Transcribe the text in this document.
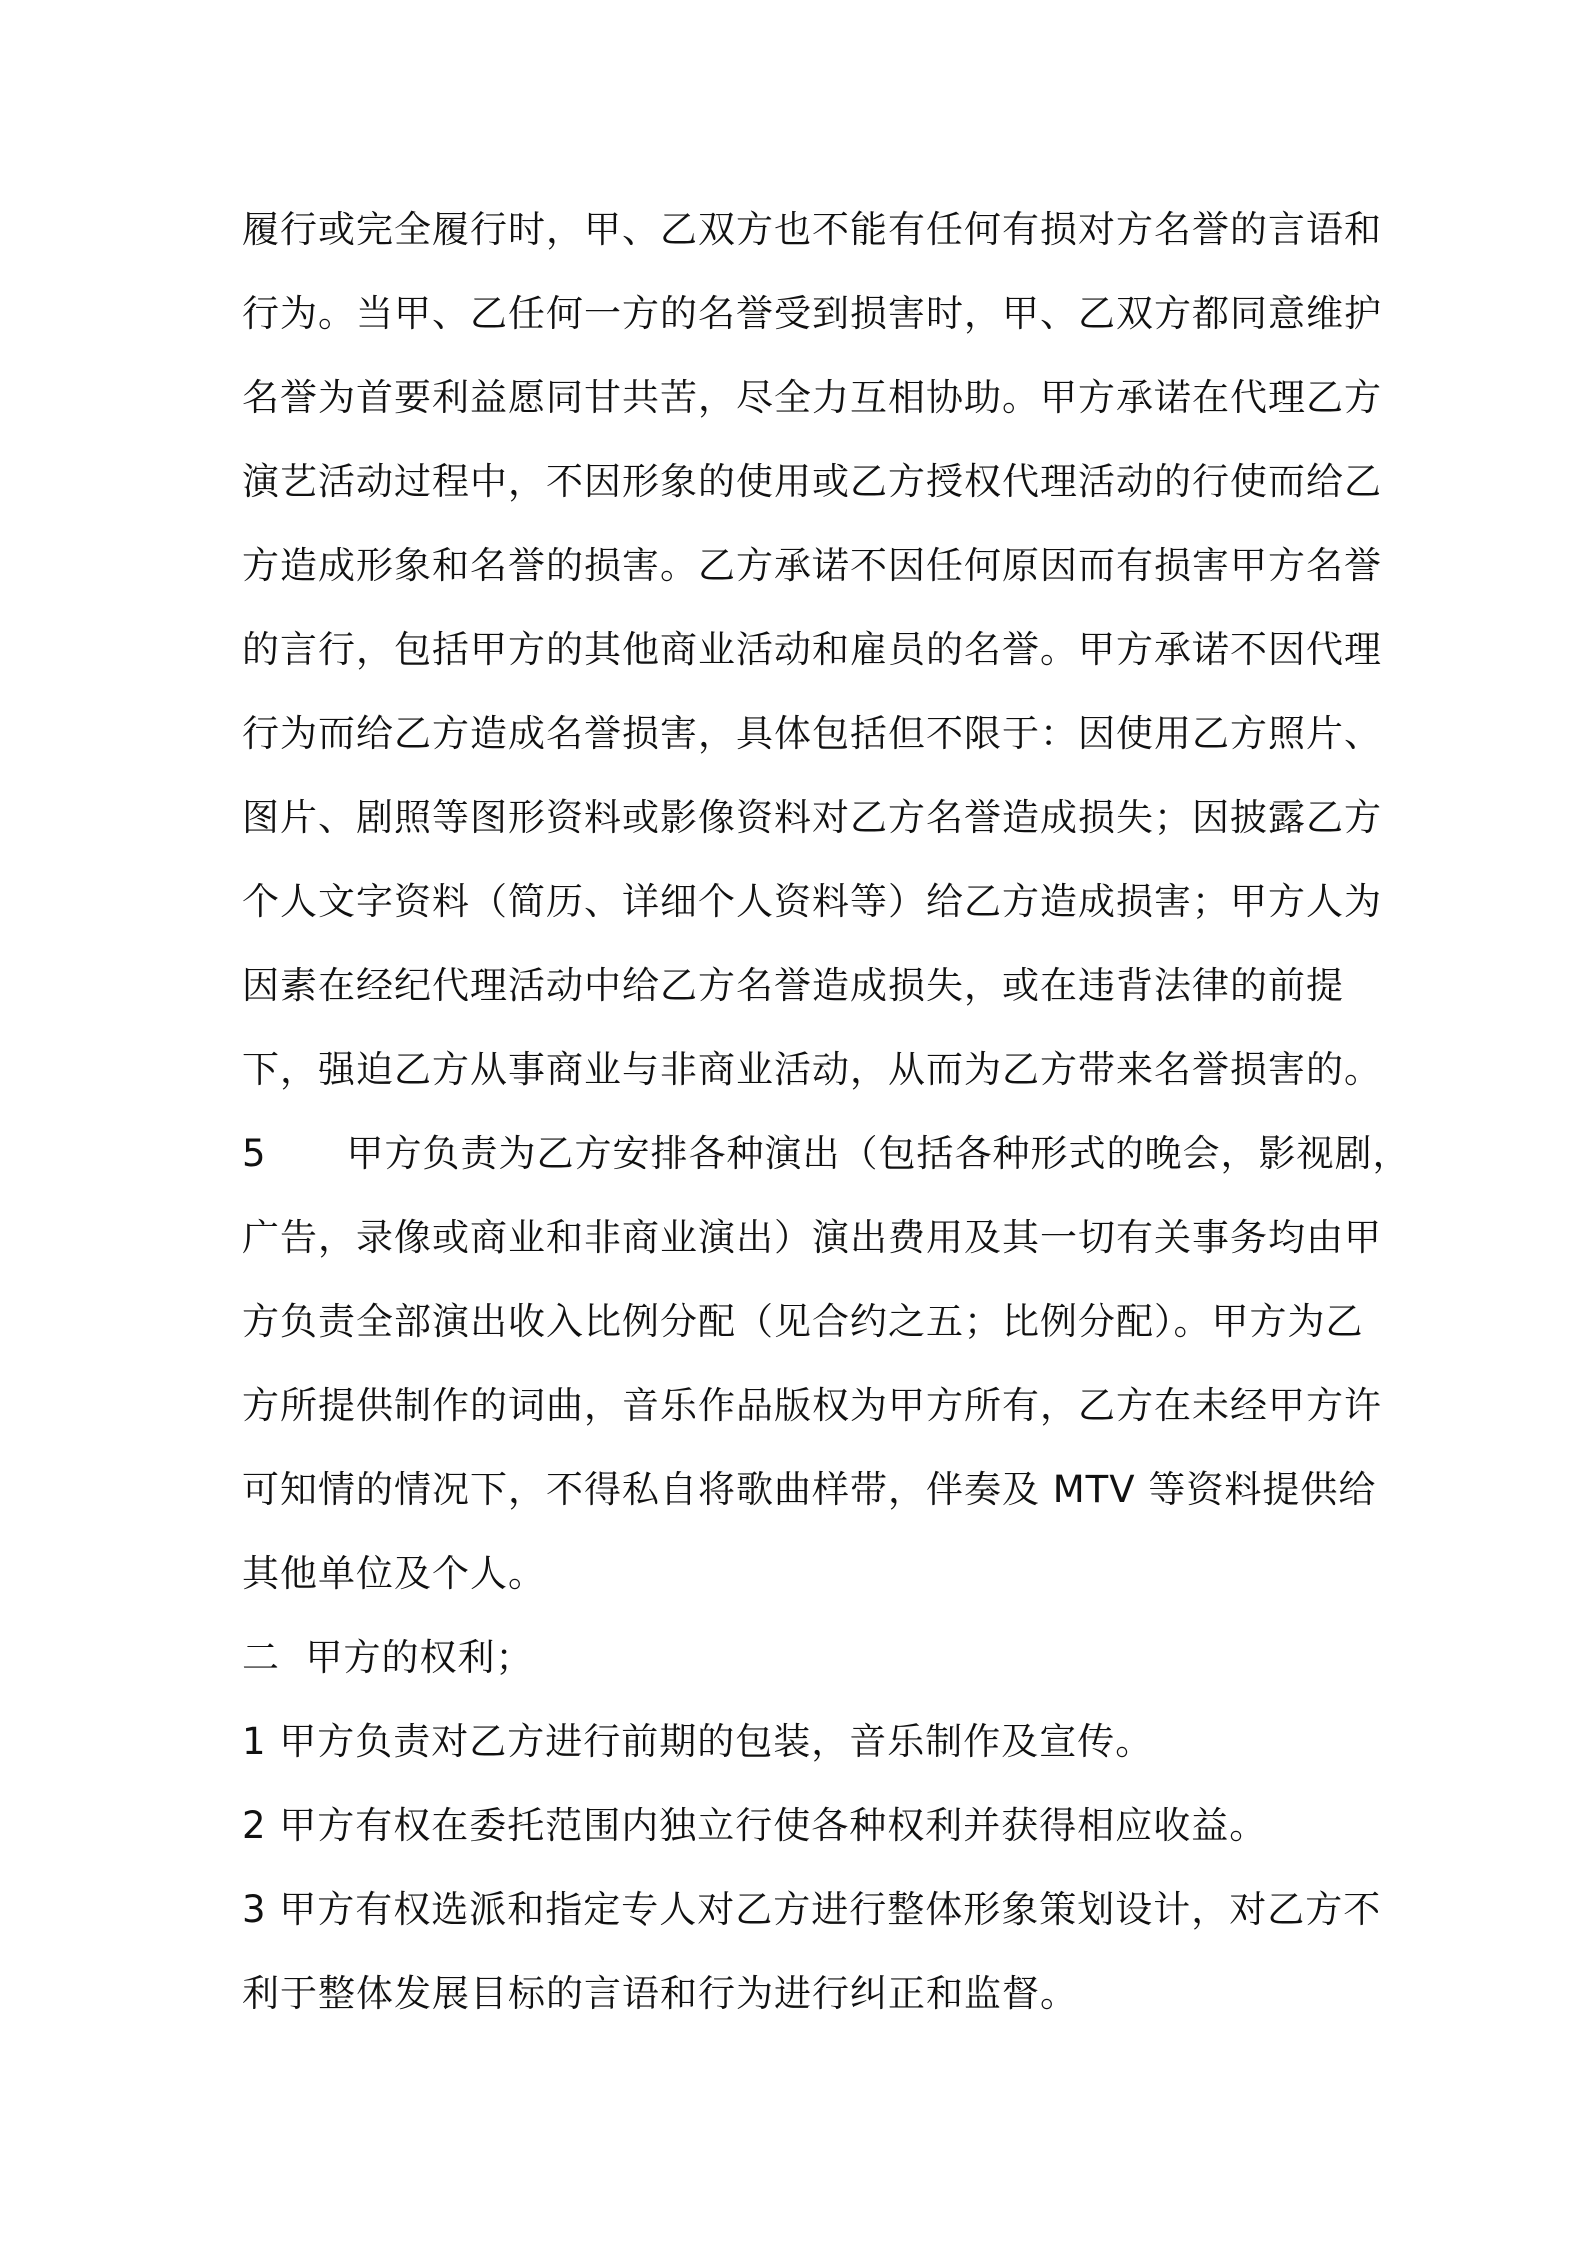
履行或完全履行时，甲、乙双方也不能有任何有损对方名誉的言语和
行为。当甲、乙任何一方的名誉受到损害时，甲、乙双方都同意维护
名誉为首要利益愿同甘共苦，尽全力互相协助。甲方承诺在代理乙方
演艺活动过程中，不因形象的使用或乙方授权代理活动的行使而给乙
方造成形象和名誉的损害。乙方承诺不因任何原因而有损害甲方名誉
的言行，包括甲方的其他商业活动和雇员的名誉。甲方承诺不因代理
行为而给乙方造成名誉损害，具体包括但不限于：因使用乙方照片、
图片、剧照等图形资料或影像资料对乙方名誉造成损失；因披露乙方
个人文字资料（简历、详细个人资料等）给乙方造成损害；甲方人为
因素在经纪代理活动中给乙方名誉造成损失，或在违背法律的前提
下，强迫乙方从事商业与非商业活动，从而为乙方带来名誉损害的。
5 甲方负责为乙方安排各种演出（包括各种形式的晚会，影视剧，
广告，录像或商业和非商业演出）演出费用及其一切有关事务均由甲
方负责全部演出收入比例分配（见合约之五；比例分配）。甲方为乙
方所提供制作的词曲，音乐作品版权为甲方所有，乙方在未经甲方许
可知情的情况下，不得私自将歌曲样带，伴奏及 MTV 等资料提供给
其他单位及个人。
二  甲方的权利；
1 甲方负责对乙方进行前期的包装，音乐制作及宣传。
2 甲方有权在委托范围内独立行使各种权利并获得相应收益。
3 甲方有权选派和指定专人对乙方进行整体形象策划设计，对乙方不
利于整体发展目标的言语和行为进行纠正和监督。
